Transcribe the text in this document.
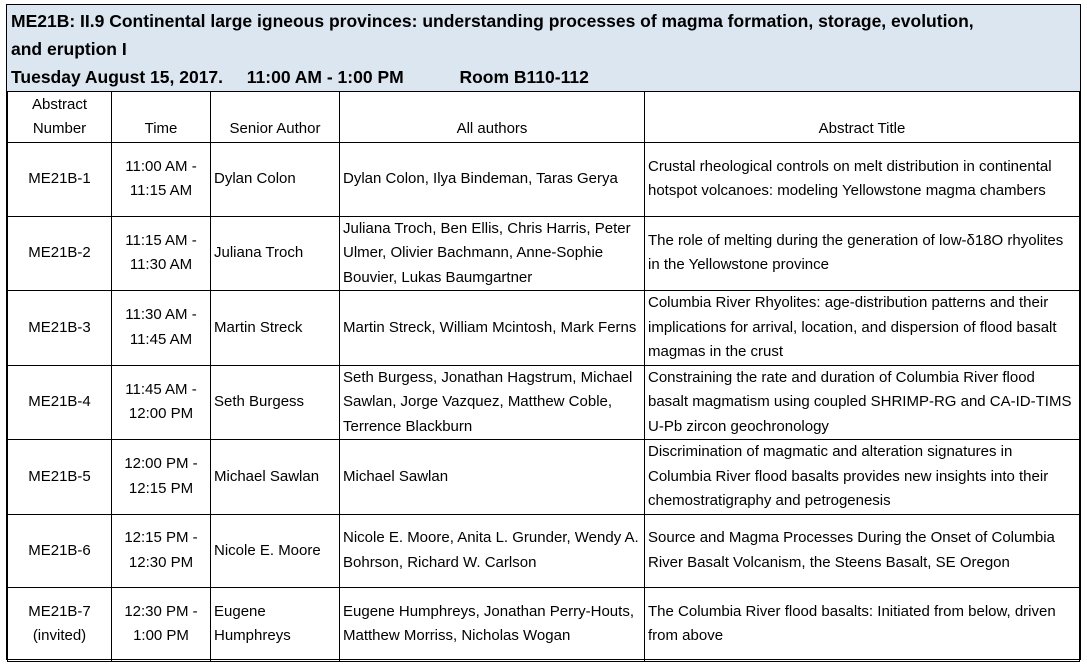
ME21B: II.9 Continental large igneous provinces: understanding processes of magma formation, storage, evolution,
and eruption I
Tuesday August 15, 2017. 11:00 AM - 1:00 PM	Room B110-112
Abstract
Number	Time	Senior Author	All authors	Abstract Title
ME21B-1	11:00 AM -
11:15 AM	Dylan Colon	Dylan Colon, Ilya Bindeman, Taras Gerya	Crustal rheological controls on melt distribution in continental hotspot volcanoes: modeling Yellowstone magma chambers
ME21B-2	11:15 AM -
11:30 AM	Juliana Troch	Juliana Troch, Ben Ellis, Chris Harris, Peter Ulmer, Olivier Bachmann, Anne-Sophie Bouvier, Lukas Baumgartner	The role of melting during the generation of low-δ18O rhyolites in the Yellowstone province
ME21B-3	11:30 AM -
11:45 AM	Martin Streck	Martin Streck, William Mcintosh, Mark Ferns	Columbia River Rhyolites: age-distribution patterns and their implications for arrival, location, and dispersion of flood basalt magmas in the crust
ME21B-4	11:45 AM -
12:00 PM	Seth Burgess	Seth Burgess, Jonathan Hagstrum, Michael Sawlan, Jorge Vazquez, Matthew Coble, Terrence Blackburn	Constraining the rate and duration of Columbia River flood basalt magmatism using coupled SHRIMP-RG and CA-ID-TIMS U-Pb zircon geochronology
ME21B-5	12:00 PM -
12:15 PM	Michael Sawlan	Michael Sawlan	Discrimination of magmatic and alteration signatures in Columbia River flood basalts provides new insights into their chemostratigraphy and petrogenesis
ME21B-6	12:15 PM -
12:30 PM	Nicole E. Moore	Nicole E. Moore, Anita L. Grunder, Wendy A. Bohrson, Richard W. Carlson	Source and Magma Processes During the Onset of Columbia River Basalt Volcanism, the Steens Basalt, SE Oregon
ME21B-7
(invited)	12:30 PM -
1:00 PM	Eugene Humphreys	Eugene Humphreys, Jonathan Perry-Houts, Matthew Morriss, Nicholas Wogan	The Columbia River flood basalts: Initiated from below, driven from above
